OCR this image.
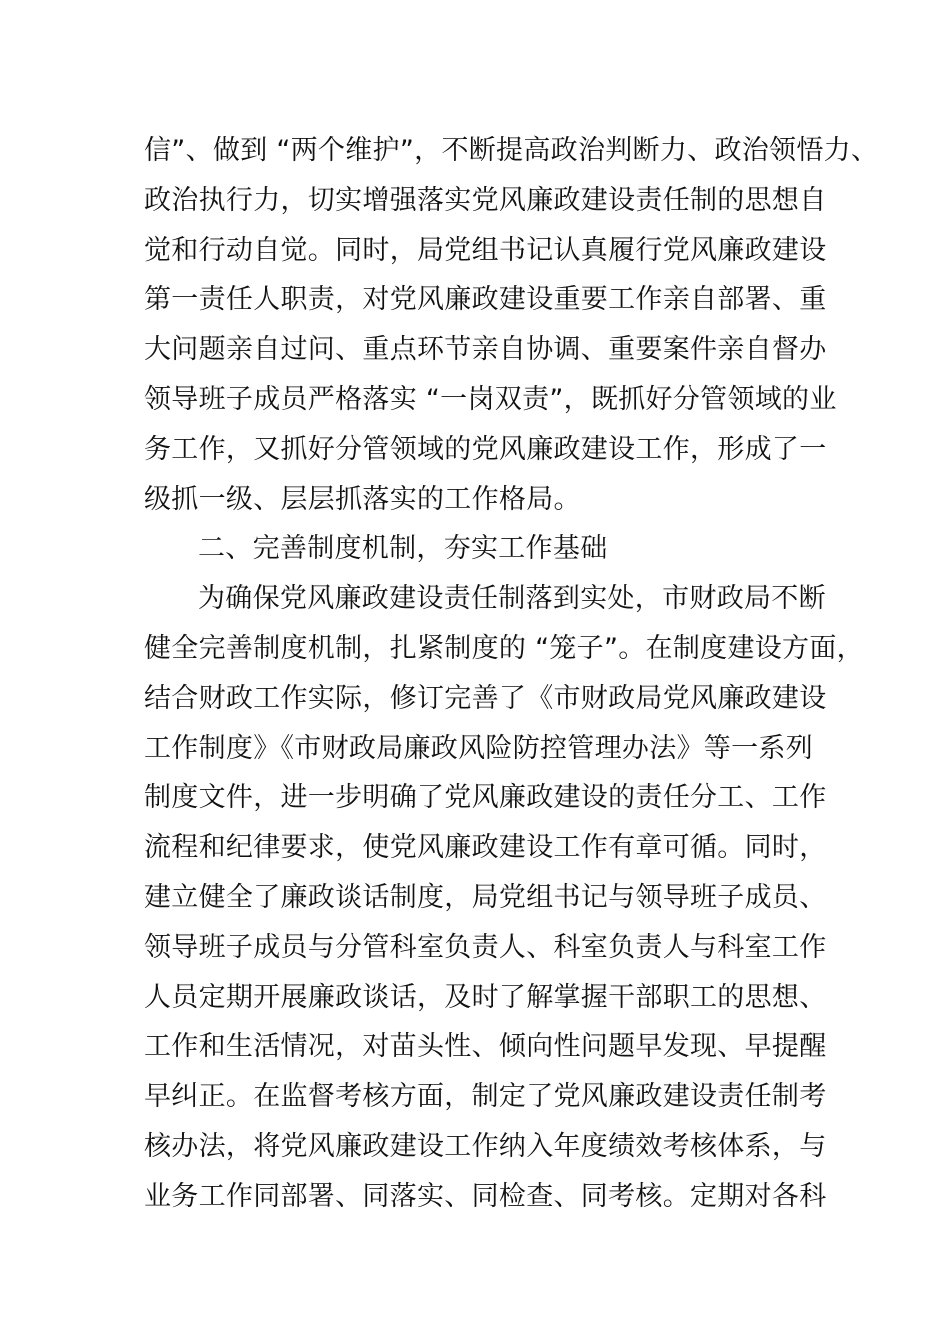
信”、做到 “两个维护”，不断提高政治判断力、政治领悟力、
政治执行力，切实增强落实党风廉政建设责任制的思想自
觉和行动自觉。同时，局党组书记认真履行党风廉政建设
第一责任人职责，对党风廉政建设重要工作亲自部署、重
大问题亲自过问、重点环节亲自协调、重要案件亲自督办
领导班子成员严格落实 “一岗双责”，既抓好分管领域的业
务工作，又抓好分管领域的党风廉政建设工作，形成了一
级抓一级、层层抓落实的工作格局。
二、完善制度机制，夯实工作基础
为确保党风廉政建设责任制落到实处，市财政局不断
健全完善制度机制，扎紧制度的 “笼子”。在制度建设方面，
结合财政工作实际，修订完善了《市财政局党风廉政建设
工作制度》《市财政局廉政风险防控管理办法》等一系列
制度文件，进一步明确了党风廉政建设的责任分工、工作
流程和纪律要求，使党风廉政建设工作有章可循。同时，
建立健全了廉政谈话制度，局党组书记与领导班子成员、
领导班子成员与分管科室负责人、科室负责人与科室工作
人员定期开展廉政谈话，及时了解掌握干部职工的思想、
工作和生活情况，对苗头性、倾向性问题早发现、早提醒
早纠正。在监督考核方面，制定了党风廉政建设责任制考
核办法，将党风廉政建设工作纳入年度绩效考核体系，与
业务工作同部署、同落实、同检查、同考核。定期对各科
